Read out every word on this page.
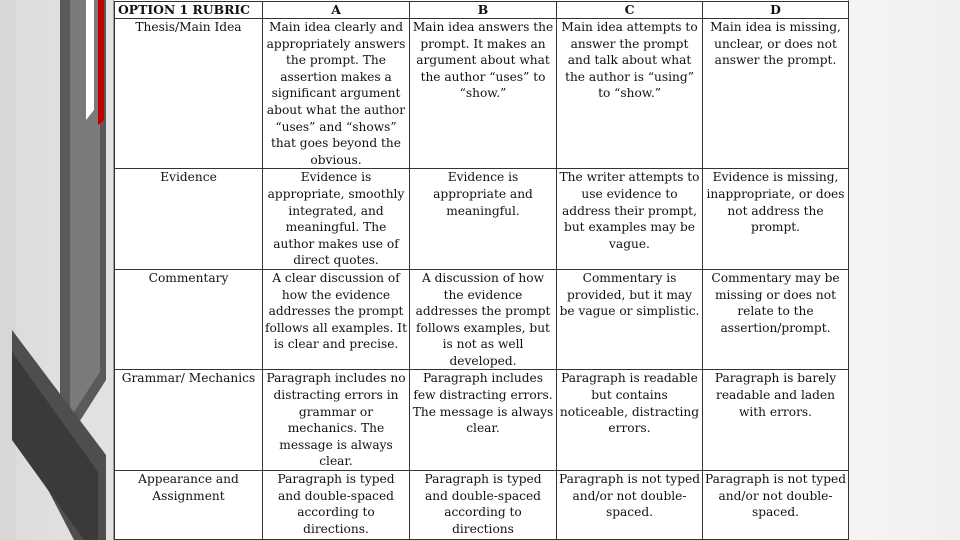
OPTION 1 RUBRIC	A	B	C	D
Thesis/Main Idea	Main idea clearly and appropriately answers the prompt. The assertion makes a significant argument about what the author “uses” and “shows” that goes beyond the obvious.	Main idea answers the prompt. It makes an argument about what the author “uses” to “show.”	Main idea attempts to answer the prompt and talk about what the author is “using” to “show.”	Main idea is missing, unclear, or does not answer the prompt.
Evidence	Evidence is appropriate, smoothly integrated, and meaningful. The author makes use of direct quotes.	Evidence is appropriate and meaningful.	The writer attempts to use evidence to address their prompt, but examples may be vague.	Evidence is missing, inappropriate, or does not address the prompt.
Commentary	A clear discussion of how the evidence addresses the prompt follows all examples. It is clear and precise.	A discussion of how the evidence addresses the prompt follows examples, but is not as well developed.	Commentary is provided, but it may be vague or simplistic.	Commentary may be missing or does not relate to the assertion/prompt.
Grammar/ Mechanics	Paragraph includes no distracting errors in grammar or mechanics. The message is always clear.	Paragraph includes few distracting errors. The message is always clear.	Paragraph is readable but contains noticeable, distracting errors.	Paragraph is barely readable and laden with errors.
Appearance and Assignment	Paragraph is typed and double-spaced according to directions.	Paragraph is typed and double-spaced according to directions	Paragraph is not typed and/or not double-spaced.	Paragraph is not typed and/or not double-spaced.
